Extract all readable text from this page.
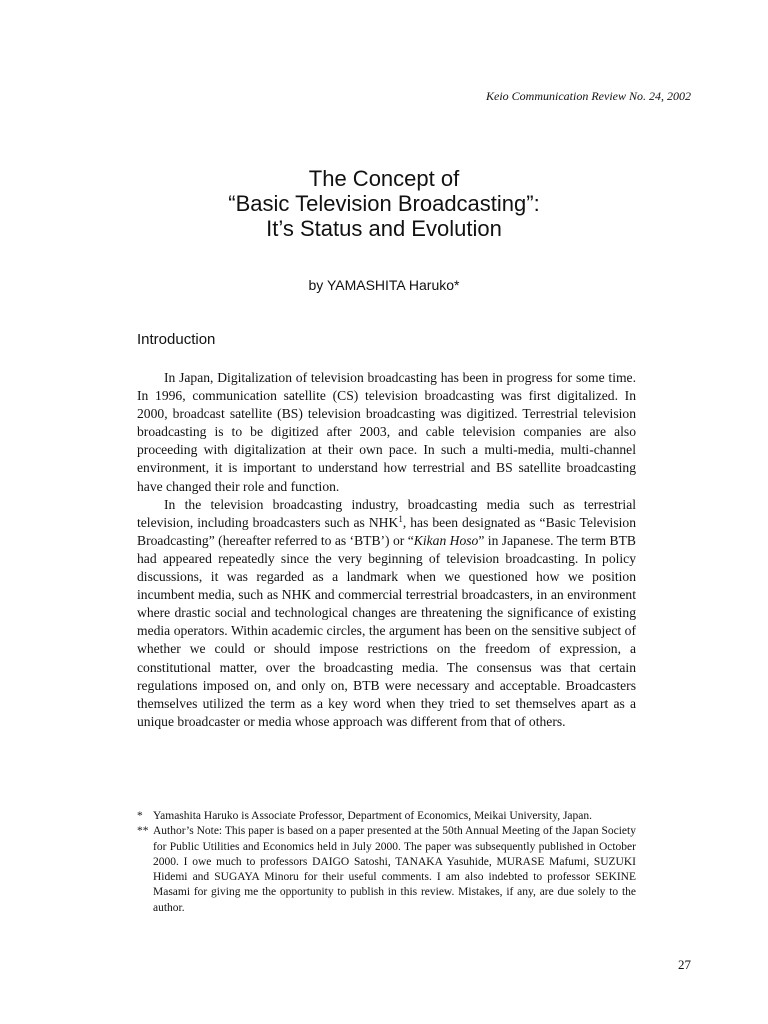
Keio Communication Review No. 24, 2002
The Concept of
“Basic Television Broadcasting”:
It’s Status and Evolution
by YAMASHITA Haruko*
Introduction

In Japan, Digitalization of television broadcasting has been in progress for some time. In 1996, communication satellite (CS) television broadcasting was first digitalized. In 2000, broadcast satellite (BS) television broadcasting was digitized. Terrestrial television broadcasting is to be digitized after 2003, and cable television companies are also proceeding with digitalization at their own pace. In such a multi-media, multi-channel environment, it is important to understand how terrestrial and BS satellite broadcasting have changed their role and function.

In the television broadcasting industry, broadcasting media such as terrestrial television, including broadcasters such as NHK$^1$, has been designated as “Basic Television Broadcasting” (hereafter referred to as ‘BTB’) or “Kikan Hoso” in Japanese. The term BTB had appeared repeatedly since the very beginning of television broadcasting. In policy discussions, it was regarded as a landmark when we questioned how we position incumbent media, such as NHK and commercial terrestrial broadcasters, in an environment where drastic social and technological changes are threatening the significance of existing media operators. Within academic circles, the argument has been on the sensitive subject of whether we could or should impose restrictions on the freedom of expression, a constitutional matter, over the broadcasting media. The consensus was that certain regulations imposed on, and only on, BTB were necessary and acceptable. Broadcasters themselves utilized the term as a key word when they tried to set themselves apart as a unique broadcaster or media whose approach was different from that of others.

* Yamashita Haruko is Associate Professor, Department of Economics, Meikai University, Japan.
** Author’s Note: This paper is based on a paper presented at the 50th Annual Meeting of the Japan Society for Public Utilities and Economics held in July 2000. The paper was subsequently published in October 2000. I owe much to professors DAIGO Satoshi, TANAKA Yasuhide, MURASE Mafumi, SUZUKI Hidemi and SUGAYA Minoru for their useful comments. I am also indebted to professor SEKINE Masami for giving me the opportunity to publish in this review. Mistakes, if any, are due solely to the author.
27
